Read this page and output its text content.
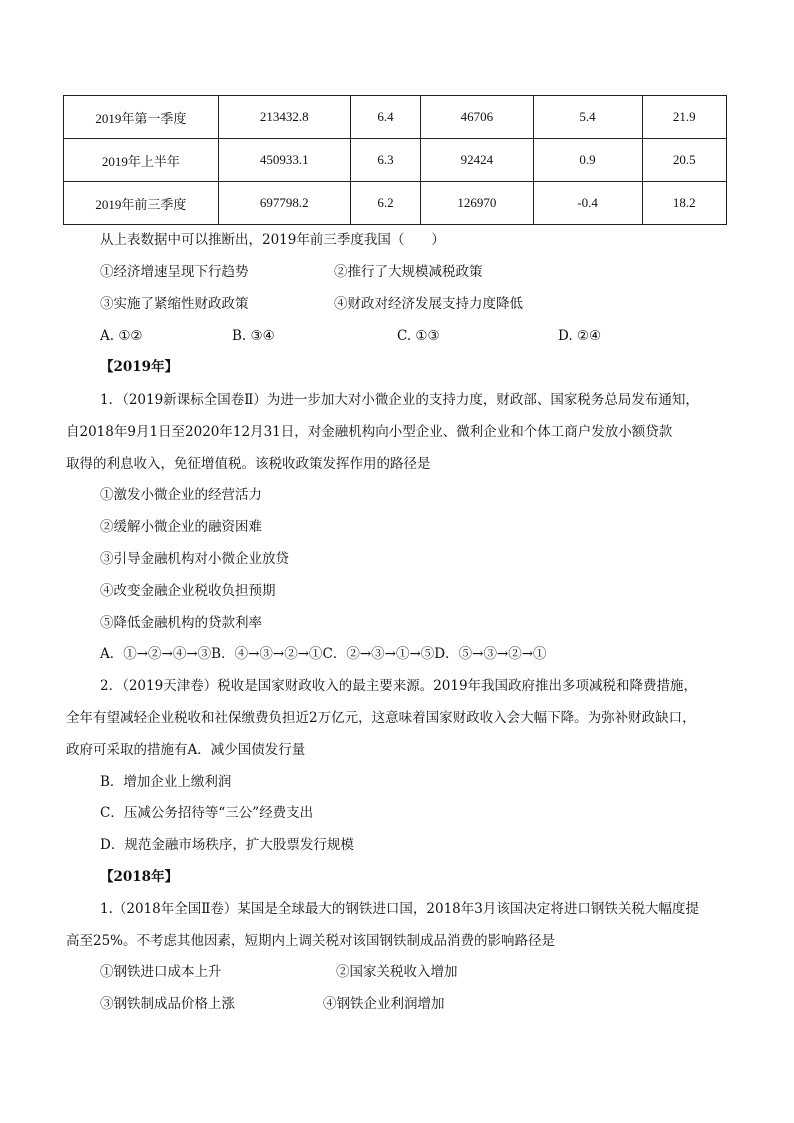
2019年第一季度	213432.8	6.4	46706	5.4	21.9
2019年上半年	450933.1	6.3	92424	0.9	20.5
2019年前三季度	697798.2	6.2	126970	-0.4	18.2
从上表数据中可以推断出，2019年前三季度我国（　　）
①经济增速呈现下行趋势	②推行了大规模减税政策
③实施了紧缩性财政政策	④财政对经济发展支持力度降低
A. ①②	B. ③④	C. ①③	D. ②④
【2019年】
1．（2019新课标全国卷Ⅱ）为进一步加大对小微企业的支持力度，财政部、国家税务总局发布通知，
自2018年9月1日至2020年12月31日，对金融机构向小型企业、微利企业和个体工商户发放小额贷款
取得的利息收入，免征增值税。该税收政策发挥作用的路径是
①激发小微企业的经营活力
②缓解小微企业的融资困难
③引导金融机构对小微企业放贷
④改变金融企业税收负担预期
⑤降低金融机构的贷款利率
A．①→②→④→③B．④→③→②→①C．②→③→①→⑤D．⑤→③→②→①
2．（2019天津卷）税收是国家财政收入的最主要来源。2019年我国政府推出多项减税和降费措施，
全年有望减轻企业税收和社保缴费负担近2万亿元，这意味着国家财政收入会大幅下降。为弥补财政缺口，
政府可采取的措施有A．减少国债发行量
B．增加企业上缴利润
C．压减公务招待等“三公”经费支出
D．规范金融市场秩序，扩大股票发行规模
【2018年】
1.（2018年全国Ⅱ卷）某国是全球最大的钢铁进口国，2018年3月该国决定将进口钢铁关税大幅度提
高至25%。不考虑其他因素，短期内上调关税对该国钢铁制成品消费的影响路径是
①钢铁进口成本上升	②国家关税收入增加
③钢铁制成品价格上涨	④钢铁企业利润增加
